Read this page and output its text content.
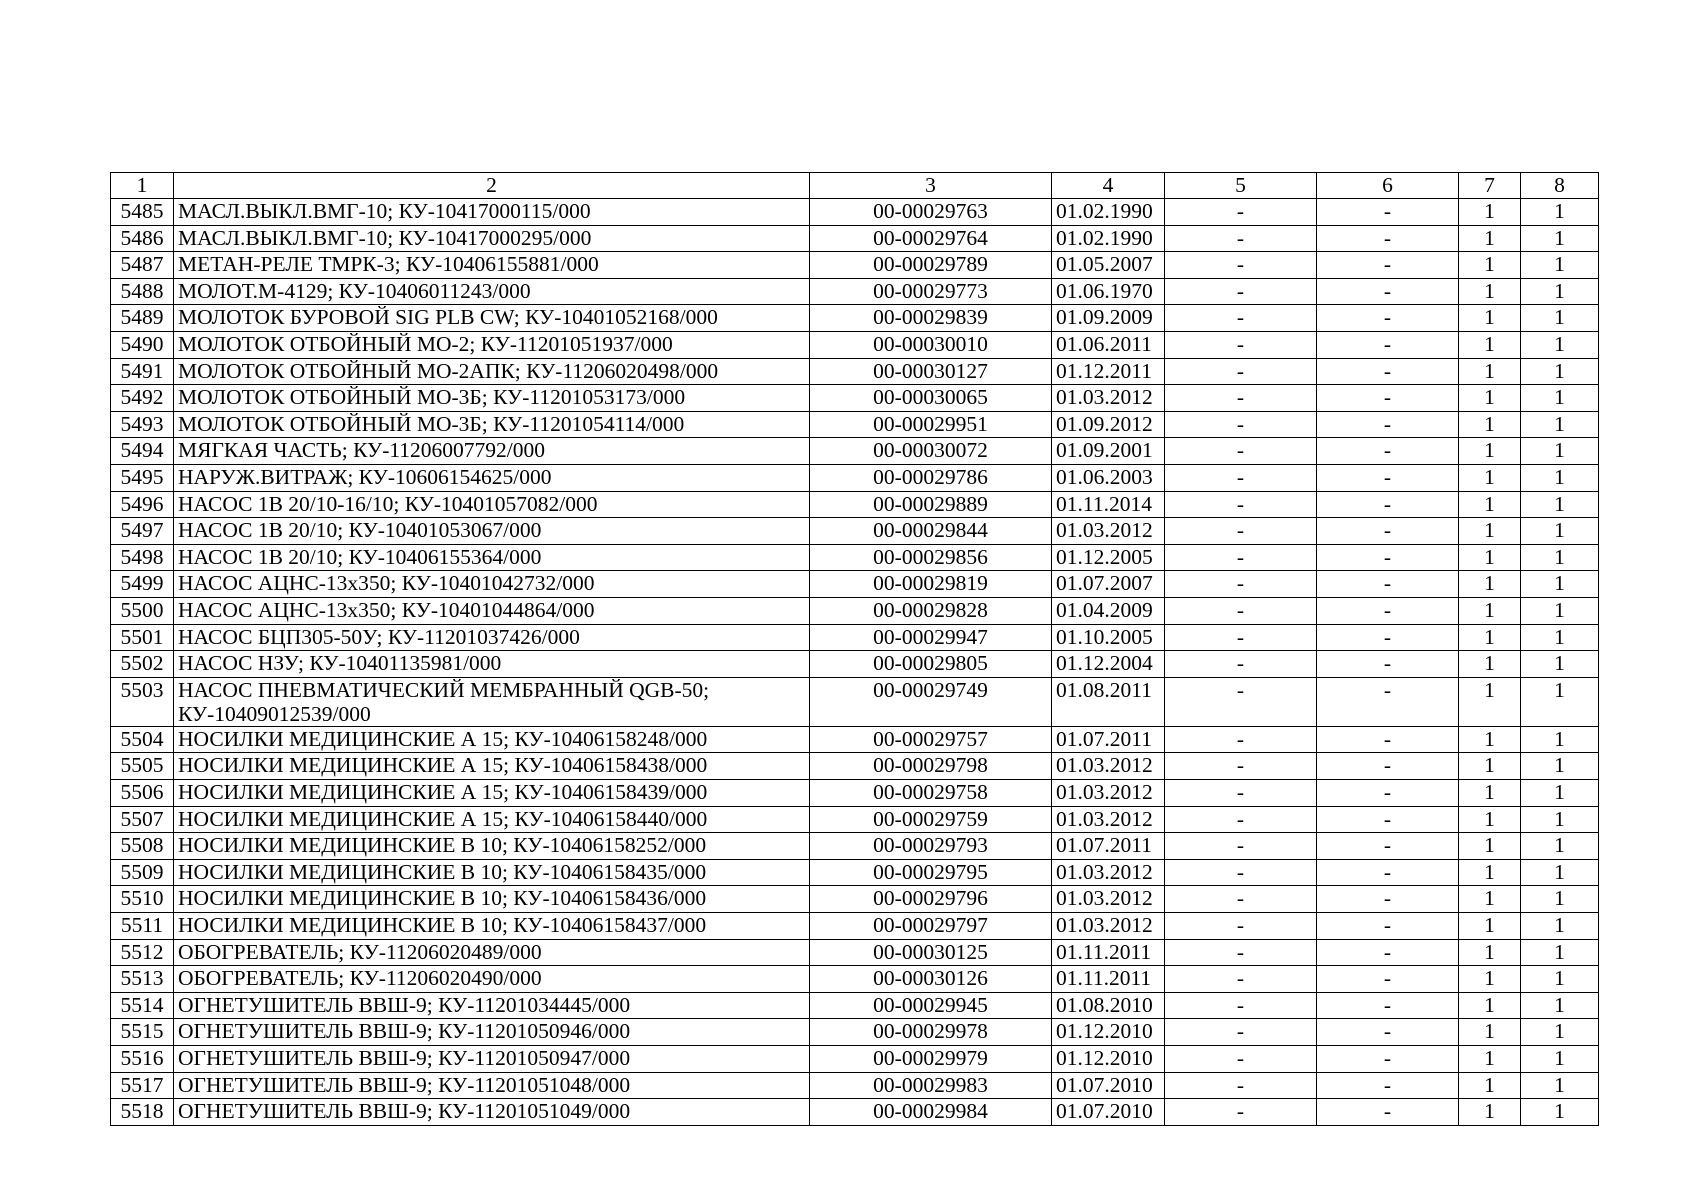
1	2	3	4	5	6	7	8
5485	МАСЛ.ВЫКЛ.ВМГ-10; КУ-10417000115/000	00-00029763	01.02.1990	-	-	1	1
5486	МАСЛ.ВЫКЛ.ВМГ-10; КУ-10417000295/000	00-00029764	01.02.1990	-	-	1	1
5487	МЕТАН-РЕЛЕ ТМРК-3; КУ-10406155881/000	00-00029789	01.05.2007	-	-	1	1
5488	МОЛОТ.М-4129; КУ-10406011243/000	00-00029773	01.06.1970	-	-	1	1
5489	МОЛОТОК БУРОВОЙ SIG PLB CW; КУ-10401052168/000	00-00029839	01.09.2009	-	-	1	1
5490	МОЛОТОК ОТБОЙНЫЙ МО-2; КУ-11201051937/000	00-00030010	01.06.2011	-	-	1	1
5491	МОЛОТОК ОТБОЙНЫЙ МО-2АПК; КУ-11206020498/000	00-00030127	01.12.2011	-	-	1	1
5492	МОЛОТОК ОТБОЙНЫЙ МО-3Б; КУ-11201053173/000	00-00030065	01.03.2012	-	-	1	1
5493	МОЛОТОК ОТБОЙНЫЙ МО-3Б; КУ-11201054114/000	00-00029951	01.09.2012	-	-	1	1
5494	МЯГКАЯ ЧАСТЬ; КУ-11206007792/000	00-00030072	01.09.2001	-	-	1	1
5495	НАРУЖ.ВИТРАЖ; КУ-10606154625/000	00-00029786	01.06.2003	-	-	1	1
5496	НАСОС 1В 20/10-16/10; КУ-10401057082/000	00-00029889	01.11.2014	-	-	1	1
5497	НАСОС 1В 20/10; КУ-10401053067/000	00-00029844	01.03.2012	-	-	1	1
5498	НАСОС 1В 20/10; КУ-10406155364/000	00-00029856	01.12.2005	-	-	1	1
5499	НАСОС АЦНС-13х350; КУ-10401042732/000	00-00029819	01.07.2007	-	-	1	1
5500	НАСОС АЦНС-13х350; КУ-10401044864/000	00-00029828	01.04.2009	-	-	1	1
5501	НАСОС БЦП305-50У; КУ-11201037426/000	00-00029947	01.10.2005	-	-	1	1
5502	НАСОС НЗУ; КУ-10401135981/000	00-00029805	01.12.2004	-	-	1	1
5503	НАСОС ПНЕВМАТИЧЕСКИЙ МЕМБРАННЫЙ QGB-50; КУ-10409012539/000	00-00029749	01.08.2011	-	-	1	1
5504	НОСИЛКИ МЕДИЦИНСКИЕ А 15; КУ-10406158248/000	00-00029757	01.07.2011	-	-	1	1
5505	НОСИЛКИ МЕДИЦИНСКИЕ А 15; КУ-10406158438/000	00-00029798	01.03.2012	-	-	1	1
5506	НОСИЛКИ МЕДИЦИНСКИЕ А 15; КУ-10406158439/000	00-00029758	01.03.2012	-	-	1	1
5507	НОСИЛКИ МЕДИЦИНСКИЕ А 15; КУ-10406158440/000	00-00029759	01.03.2012	-	-	1	1
5508	НОСИЛКИ МЕДИЦИНСКИЕ В 10; КУ-10406158252/000	00-00029793	01.07.2011	-	-	1	1
5509	НОСИЛКИ МЕДИЦИНСКИЕ В 10; КУ-10406158435/000	00-00029795	01.03.2012	-	-	1	1
5510	НОСИЛКИ МЕДИЦИНСКИЕ В 10; КУ-10406158436/000	00-00029796	01.03.2012	-	-	1	1
5511	НОСИЛКИ МЕДИЦИНСКИЕ В 10; КУ-10406158437/000	00-00029797	01.03.2012	-	-	1	1
5512	ОБОГРЕВАТЕЛЬ; КУ-11206020489/000	00-00030125	01.11.2011	-	-	1	1
5513	ОБОГРЕВАТЕЛЬ; КУ-11206020490/000	00-00030126	01.11.2011	-	-	1	1
5514	ОГНЕТУШИТЕЛЬ ВВШ-9; КУ-11201034445/000	00-00029945	01.08.2010	-	-	1	1
5515	ОГНЕТУШИТЕЛЬ ВВШ-9; КУ-11201050946/000	00-00029978	01.12.2010	-	-	1	1
5516	ОГНЕТУШИТЕЛЬ ВВШ-9; КУ-11201050947/000	00-00029979	01.12.2010	-	-	1	1
5517	ОГНЕТУШИТЕЛЬ ВВШ-9; КУ-11201051048/000	00-00029983	01.07.2010	-	-	1	1
5518	ОГНЕТУШИТЕЛЬ ВВШ-9; КУ-11201051049/000	00-00029984	01.07.2010	-	-	1	1
